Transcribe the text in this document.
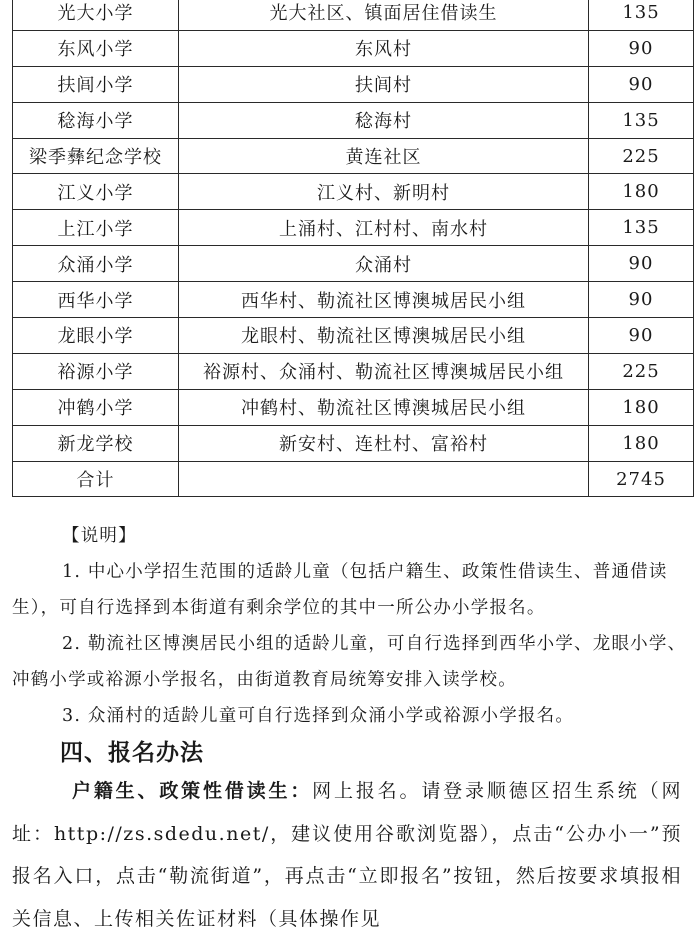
光大小学	光大社区、镇面居住借读生	135
东风小学	东风村	90
扶闾小学	扶闾村	90
稔海小学	稔海村	135
梁季彝纪念学校	黄连社区	225
江义小学	江义村、新明村	180
上江小学	上涌村、江村村、南水村	135
众涌小学	众涌村	90
西华小学	西华村、勒流社区博澳城居民小组	90
龙眼小学	龙眼村、勒流社区博澳城居民小组	90
裕源小学	裕源村、众涌村、勒流社区博澳城居民小组	225
冲鹤小学	冲鹤村、勒流社区博澳城居民小组	180
新龙学校	新安村、连杜村、富裕村	180
合计		2745

【说明】

1. 中心小学招生范围的适龄儿童（包括户籍生、政策性借读生、普通借读生），可自行选择到本街道有剩余学位的其中一所公办小学报名。

2. 勒流社区博澳居民小组的适龄儿童，可自行选择到西华小学、龙眼小学、冲鹤小学或裕源小学报名，由街道教育局统筹安排入读学校。

3. 众涌村的适龄儿童可自行选择到众涌小学或裕源小学报名。

四、报名办法

户籍生、政策性借读生：网上报名。请登录顺德区招生系统（网址：http://zs.sdedu.net/，建议使用谷歌浏览器），点击“公办小一”预报名入口，点击“勒流街道”，再点击“立即报名”按钮，然后按要求填报相关信息、上传相关佐证材料（具体操作见
